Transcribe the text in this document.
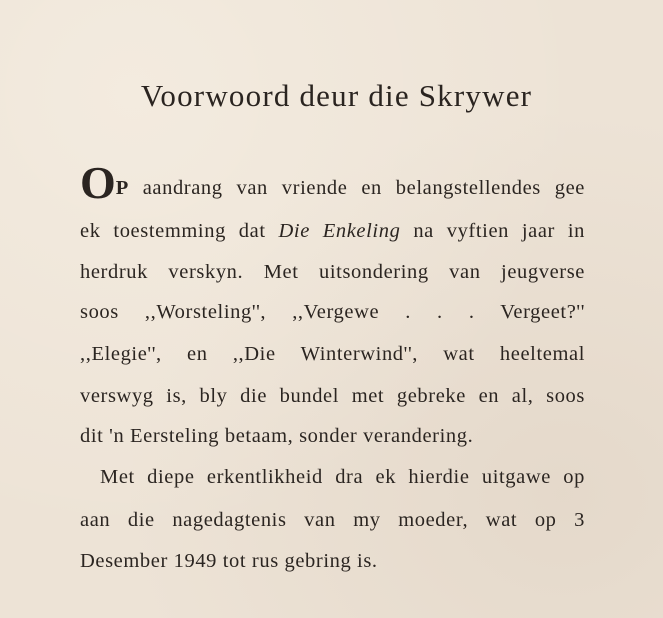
Voorwoord deur die Skrywer
OP aandrang van vriende en belangstellendes gee
ek toestemming dat Die Enkeling na vyftien jaar in
herdruk verskyn. Met uitsondering van jeugverse
soos ,,Worsteling'', ,,Vergewe . . . Vergeet?''
,,Elegie'', en ,,Die Winterwind'', wat heeltemal
verswyg is, bly die bundel met gebreke en al, soos
dit 'n Eersteling betaam, sonder verandering.
Met diepe erkentlikheid dra ek hierdie uitgawe op
aan die nagedagtenis van my moeder, wat op 3
Desember 1949 tot rus gebring is.
